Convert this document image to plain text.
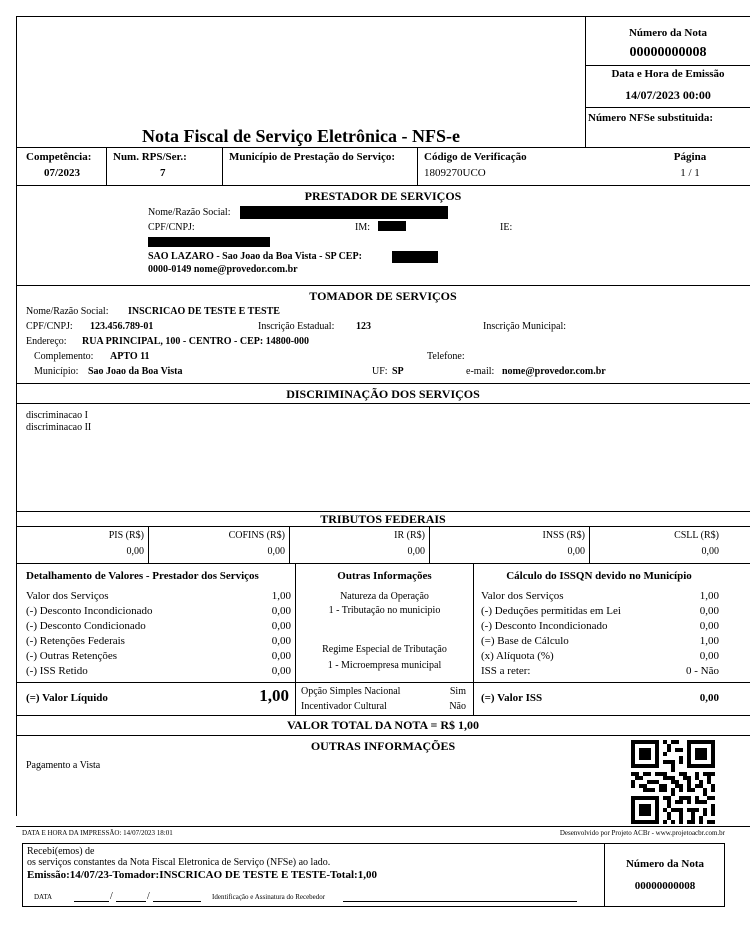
Número da Nota
00000000008
Data e Hora de Emissão
14/07/2023 00:00
Número NFSe substituida:
Nota Fiscal de Serviço Eletrônica - NFS-e
Competência:
07/2023
Num. RPS/Ser.:
7
Município de Prestação do Serviço:	Código de Verificação
1809270UCO
Página
1 / 1
PRESTADOR DE SERVIÇOS
Nome/Razão Social:
CPF/CNPJ:	IM:	IE:
SAO LAZARO - Sao Joao da Boa Vista - SP CEP:
0000-0149 nome@provedor.com.br
TOMADOR DE SERVIÇOS
Nome/Razão Social: INSCRICAO DE TESTE E TESTE
CPF/CNPJ: 123.456.789-01	Inscrição Estadual: 123	Inscrição Municipal:
Endereço: RUA PRINCIPAL, 100 - CENTRO - CEP: 14800-000
Complemento: APTO 11	Telefone:
Município: Sao Joao da Boa Vista	UF: SP	e-mail: nome@provedor.com.br
DISCRIMINAÇÃO DOS SERVIÇOS
discriminacao I
discriminacao II
TRIBUTOS FEDERAIS
PIS (R$)
0,00
COFINS (R$)
0,00
IR (R$)
0,00
INSS (R$)
0,00
CSLL (R$)
0,00
Detalhamento de Valores - Prestador dos Serviços
Valor dos Serviços	1,00
(-) Desconto Incondicionado	0,00
(-) Desconto Condicionado	0,00
(-) Retenções Federais	0,00
(-) Outras Retenções	0,00
(-) ISS Retido	0,00
(=) Valor Líquido	1,00
Outras Informações
Natureza da Operação
1 - Tributação no municipio
Regime Especial de Tributação
1 - Microempresa municipal
Opção Simples Nacional	Sim
Incentivador Cultural	Não
Cálculo do ISSQN devido no Município
Valor dos Serviços	1,00
(-) Deduções permitidas em Lei	0,00
(-) Desconto Incondicionado	0,00
(=) Base de Cálculo	1,00
(x) Alíquota (%)	0,00
ISS a reter:	0 - Não
(=) Valor ISS	0,00
VALOR TOTAL DA NOTA = R$ 1,00
OUTRAS INFORMAÇÕES
Pagamento a Vista
DATA E HORA DA IMPRESSÃO: 14/07/2023 18:01	Desenvolvido por Projeto ACBr - www.projetoacbr.com.br
Recebi(emos) de
os serviços constantes da Nota Fiscal Eletronica de Serviço (NFSe) ao lado.
Emissão:14/07/23-Tomador:INSCRICAO DE TESTE E TESTE-Total:1,00
DATA	/	/	Identificação e Assinatura do Recebedor
Número da Nota
00000000008
